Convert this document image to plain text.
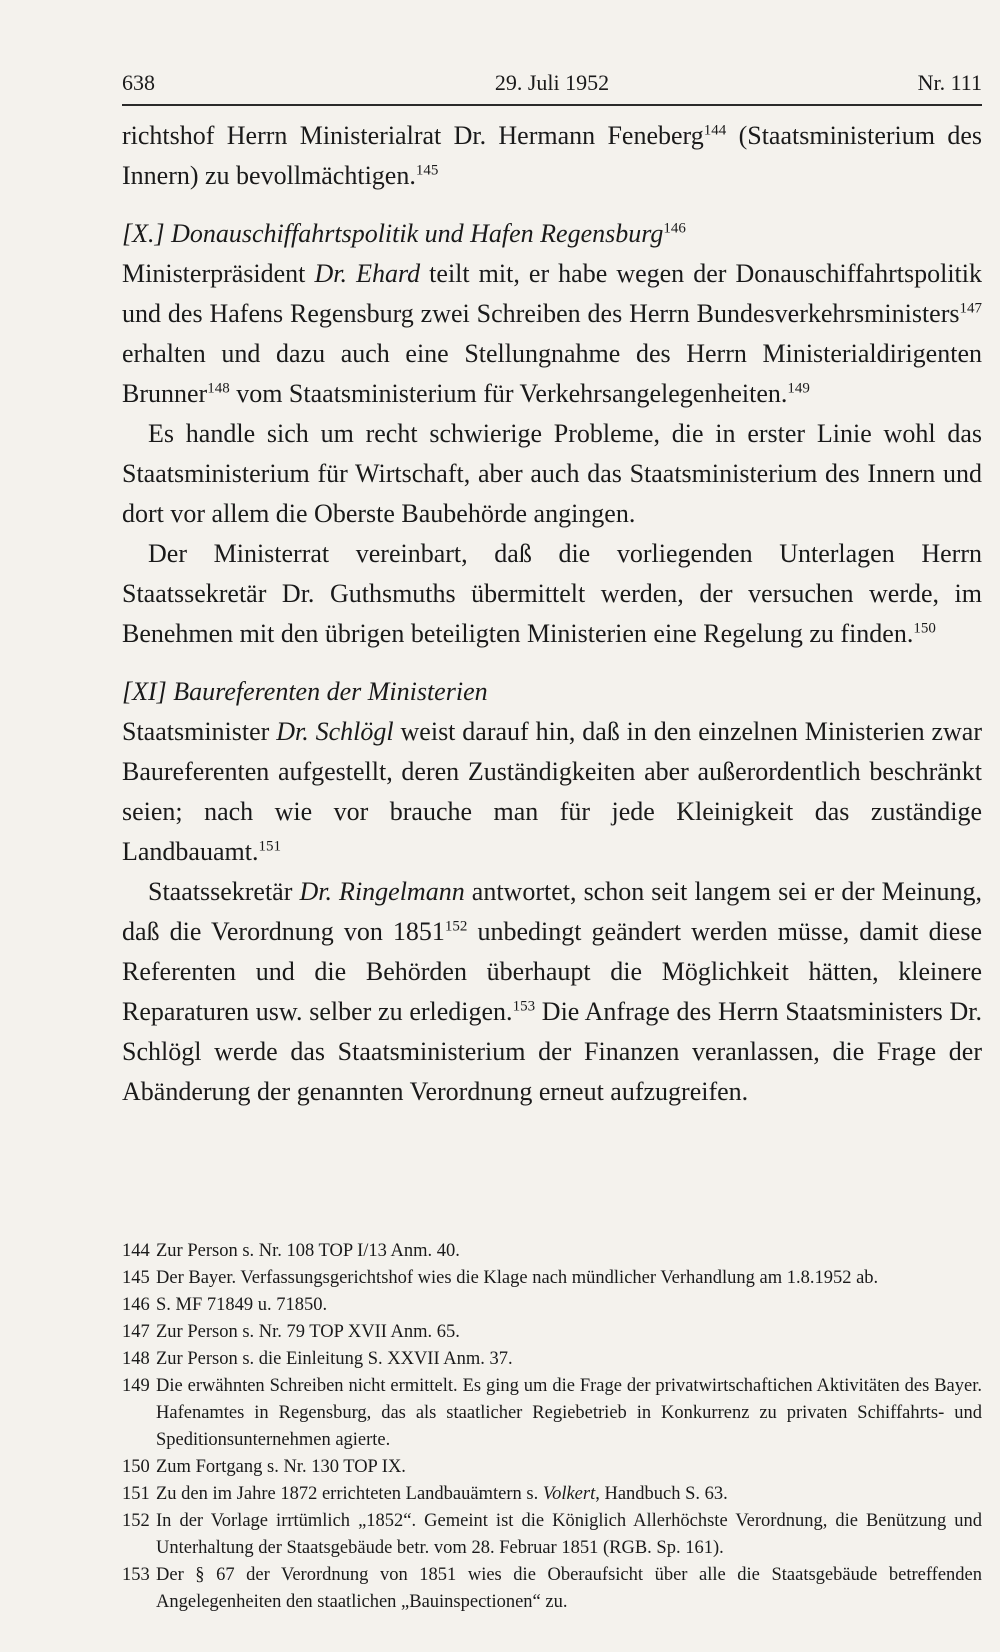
638	29. Juli 1952	Nr. 111

richtshof Herrn Ministerialrat Dr. Hermann Feneberg$^{144}$ (Staatsministerium des Innern) zu bevollmächtigen.$^{145}$

[X.] Donauschiffahrtspolitik und Hafen Regensburg$^{146}$

Ministerpräsident Dr. Ehard teilt mit, er habe wegen der Donauschiffahrtspolitik und des Hafens Regensburg zwei Schreiben des Herrn Bundesverkehrsministers$^{147}$ erhalten und dazu auch eine Stellungnahme des Herrn Ministerialdirigenten Brunner$^{148}$ vom Staatsministerium für Verkehrsangelegenheiten.$^{149}$

Es handle sich um recht schwierige Probleme, die in erster Linie wohl das Staatsministerium für Wirtschaft, aber auch das Staatsministerium des Innern und dort vor allem die Oberste Baubehörde angingen.

Der Ministerrat vereinbart, daß die vorliegenden Unterlagen Herrn Staatssekretär Dr. Guthsmuths übermittelt werden, der versuchen werde, im Benehmen mit den übrigen beteiligten Ministerien eine Regelung zu finden.$^{150}$

[XI] Baureferenten der Ministerien

Staatsminister Dr. Schlögl weist darauf hin, daß in den einzelnen Ministerien zwar Baureferenten aufgestellt, deren Zuständigkeiten aber außerordentlich beschränkt seien; nach wie vor brauche man für jede Kleinigkeit das zuständige Landbauamt.$^{151}$

Staatssekretär Dr. Ringelmann antwortet, schon seit langem sei er der Meinung, daß die Verordnung von 1851$^{152}$ unbedingt geändert werden müsse, damit diese Referenten und die Behörden überhaupt die Möglichkeit hätten, kleinere Reparaturen usw. selber zu erledigen.$^{153}$ Die Anfrage des Herrn Staatsministers Dr. Schlögl werde das Staatsministerium der Finanzen veranlassen, die Frage der Abänderung der genannten Verordnung erneut aufzugreifen.

144 Zur Person s. Nr. 108 TOP I/13 Anm. 40.
145 Der Bayer. Verfassungsgerichtshof wies die Klage nach mündlicher Verhandlung am 1.8.1952 ab.
146 S. MF 71849 u. 71850.
147 Zur Person s. Nr. 79 TOP XVII Anm. 65.
148 Zur Person s. die Einleitung S. XXVII Anm. 37.
149 Die erwähnten Schreiben nicht ermittelt. Es ging um die Frage der privatwirtschaftichen Aktivitäten des Bayer. Hafenamtes in Regensburg, das als staatlicher Regiebetrieb in Konkurrenz zu privaten Schiffahrts- und Speditionsunternehmen agierte.
150 Zum Fortgang s. Nr. 130 TOP IX.
151 Zu den im Jahre 1872 errichteten Landbauämtern s. Volkert, Handbuch S. 63.
152 In der Vorlage irrtümlich „1852“. Gemeint ist die Königlich Allerhöchste Verordnung, die Benützung und Unterhaltung der Staatsgebäude betr. vom 28. Februar 1851 (RGB. Sp. 161).
153 Der § 67 der Verordnung von 1851 wies die Oberaufsicht über alle die Staatsgebäude betreffenden Angelegenheiten den staatlichen „Bauinspectionen“ zu.
